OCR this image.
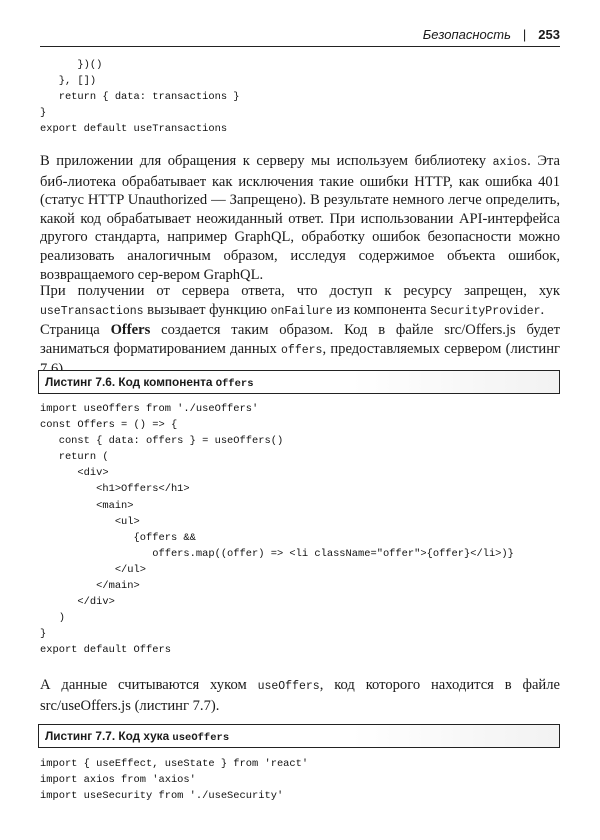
Безопасность | 253
})()
}, [])
return { data: transactions }
}
export default useTransactions

В приложении для обращения к серверу мы используем библиотеку axios. Эта биб-лиотека обрабатывает как исключения такие ошибки HTTP, как ошибка 401 (статус HTTP Unauthorized — Запрещено). В результате немного легче определить, какой код обрабатывает неожиданный ответ. При использовании API-интерфейса другого стандарта, например GraphQL, обработку ошибок безопасности можно реализовать аналогичным образом, исследуя содержимое объекта ошибок, возвращаемого сер-вером GraphQL.

При получении от сервера ответа, что доступ к ресурсу запрещен, хук useTransactions вызывает функцию onFailure из компонента SecurityProvider.

Страница Offers создается таким образом. Код в файле src/Offers.js будет заниматься форматированием данных offers, предоставляемых сервером (листинг

Листинг 7.6. Код компонента Offers
import useOffers from './useOffers'
const Offers = () => {
const { data: offers } = useOffers()
return (
<div>
<h1>Offers</h1>
<main>
<ul>
{offers &&
offers.map((offer) => <li className="offer">{offer}</li>)}
</ul>
</main>
</div>
)
}
export default Offers

А данные считываются хуком useOffers, код которого находится в файле src/useOffers.js (листинг 7.7).

Листинг 7.7. Код хука useOffers
import { useEffect, useState } from 'react'
import axios from 'axios'
import useSecurity from './useSecurity'
